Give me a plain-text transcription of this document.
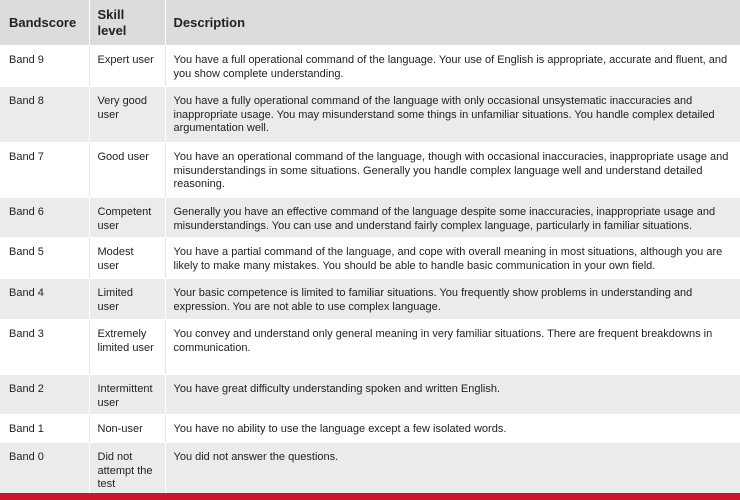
Bandscore	Skill level	Description
Band 9	Expert user	You have a full operational command of the language. Your use of English is appropriate, accurate and fluent, and you show complete understanding.
Band 8	Very good user	You have a fully operational command of the language with only occasional unsystematic inaccuracies and inappropriate usage. You may misunderstand some things in unfamiliar situations. You handle complex detailed argumentation well.
Band 7	Good user	You have an operational command of the language, though with occasional inaccuracies, inappropriate usage and misunderstandings in some situations. Generally you handle complex language well and understand detailed reasoning.
Band 6	Competent user	Generally you have an effective command of the language despite some inaccuracies, inappropriate usage and misunderstandings. You can use and understand fairly complex language, particularly in familiar situations.
Band 5	Modest user	You have a partial command of the language, and cope with overall meaning in most situations, although you are likely to make many mistakes. You should be able to handle basic communication in your own field.
Band 4	Limited user	Your basic competence is limited to familiar situations. You frequently show problems in understanding and expression. You are not able to use complex language.
Band 3	Extremely limited user	You convey and understand only general meaning in very familiar situations. There are frequent breakdowns in communication.
Band 2	Intermittent user	You have great difficulty understanding spoken and written English.
Band 1	Non-user	You have no ability to use the language except a few isolated words.
Band 0	Did not attempt the test	You did not answer the questions.
